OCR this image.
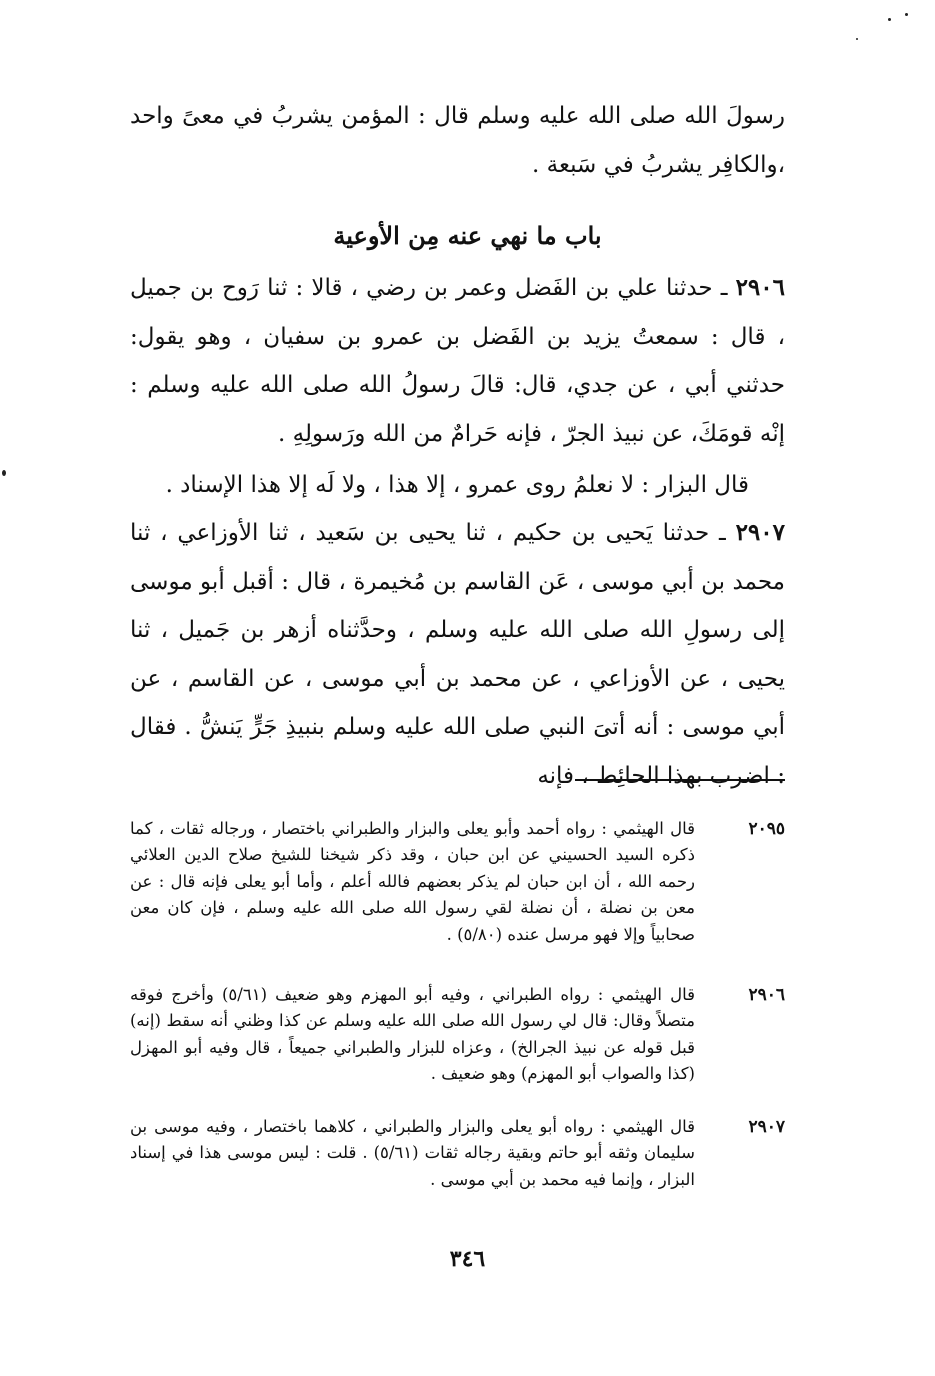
رسولَ الله صلى الله عليه وسلم قال : المؤمن يشربُ في معىً واحد ،والكافِر يشربُ في سَبعة .
باب ما نهي عنه مِن الأوعية
٢٩٠٦ ـ حدثنا علي بن الفَضل وعمر بن رضي ، قالا : ثنا رَوح بن جميل ، قال : سمعتُ يزيد بن الفَضل بن عمرو بن سفيان ، وهو يقول: حدثني أبي ، عن جدي، قال: قالَ رسولُ الله صلى الله عليه وسلم : إنْه قومَكَ، عن نبيذ الجرّ ، فإنه حَرامٌ من الله ورَسولِهِ .
قال البزار : لا نعلمُ روى عمرو ، إلا هذا ، ولا لَه إلا هذا الإسناد .
٢٩٠٧ ـ حدثنا يَحيى بن حكيم ، ثنا يحيى بن سَعيد ، ثنا الأوزاعي ، ثنا محمد بن أبي موسى ، عَن القاسم بن مُخيمرة ، قال : أقبل أبو موسى إلى رسولِ الله صلى الله عليه وسلم ، وحدَّثناه أزهر بن جَميل ، ثنا يحيى ، عن الأوزاعي ، عن محمد بن أبي موسى ، عن القاسم ، عن أبي موسى : أنه أتىَ النبي صلى الله عليه وسلم بنبيذِ جَرٍّ يَنشُّ . فقال : اضرب بهذا الحائِط ، فإنه
٢٠٩٥
قال الهيثمي : رواه أحمد وأبو يعلى والبزار والطبراني باختصار ، ورجاله ثقات ، كما ذكره السيد الحسيني عن ابن حبان ، وقد ذكر شيخنا للشيخ صلاح الدين العلائي رحمه الله ، أن ابن حبان لم يذكر بعضهم فالله أعلم ، وأما أبو يعلى فإنه قال : عن معن بن نضلة ، أن نضلة لقي رسول الله صلى الله عليه وسلم ، فإن كان معن صحابياً وإلا فهو مرسل عنده (٥/٨٠) .
٢٩٠٦
قال الهيثمي : رواه الطبراني ، وفيه أبو المهزم وهو ضعيف (٥/٦١) وأخرج فوقه متصلاً وقال: قال لي رسول الله صلى الله عليه وسلم عن كذا وظني أنه سقط (إنه) قبل قوله عن نبيذ الجرالخ) ، وعزاه للبزار والطبراني جميعاً ، قال وفيه أبو المهزل (كذا والصواب أبو المهزم) وهو ضعيف .
٢٩٠٧
قال الهيثمي : رواه أبو يعلى والبزار والطبراني ، كلاهما باختصار ، وفيه موسى بن سليمان وثقه أبو حاتم وبقية رجاله ثقات (٥/٦١) . قلت : ليس موسى هذا في إسناد البزار ، وإنما فيه محمد بن أبي موسى .
٣٤٦
